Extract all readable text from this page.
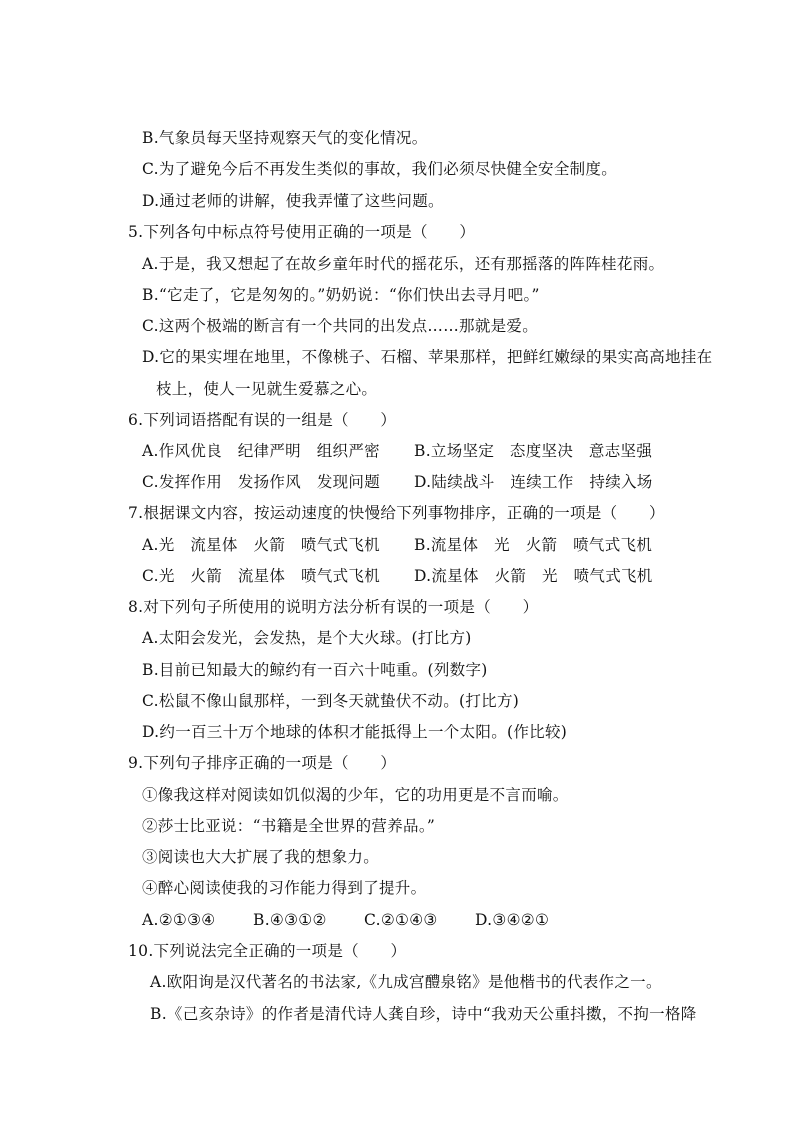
B.气象员每天坚持观察天气的变化情况。
C.为了避免今后不再发生类似的事故，我们必须尽快健全安全制度。
D.通过老师的讲解，使我弄懂了这些问题。
5.下列各句中标点符号使用正确的一项是（　　）
A.于是，我又想起了在故乡童年时代的摇花乐，还有那摇落的阵阵桂花雨。
B.“它走了，它是匆匆的。”奶奶说：“你们快出去寻月吧。”
C.这两个极端的断言有一个共同的出发点……那就是爱。
D.它的果实埋在地里，不像桃子、石榴、苹果那样，把鲜红嫩绿的果实高高地挂在
枝上，使人一见就生爱慕之心。
6.下列词语搭配有误的一组是（　　）
A.作风优良　纪律严明　组织严密 B.立场坚定　态度坚决　意志坚强
C.发挥作用　发扬作风　发现问题 D.陆续战斗　连续工作　持续入场
7.根据课文内容，按运动速度的快慢给下列事物排序，正确的一项是（　　）
A.光　流星体　火箭　喷气式飞机 B.流星体　光　火箭　喷气式飞机
C.光　火箭　流星体　喷气式飞机 D.流星体　火箭　光　喷气式飞机
8.对下列句子所使用的说明方法分析有误的一项是（　　）
A.太阳会发光，会发热，是个大火球。(打比方)
B.目前已知最大的鲸约有一百六十吨重。(列数字)
C.松鼠不像山鼠那样，一到冬天就蛰伏不动。(打比方)
D.约一百三十万个地球的体积才能抵得上一个太阳。(作比较)
9.下列句子排序正确的一项是（　　）
①像我这样对阅读如饥似渴的少年，它的功用更是不言而喻。
②莎士比亚说：“书籍是全世界的营养品。”
③阅读也大大扩展了我的想象力。
④醉心阅读使我的习作能力得到了提升。
A.②①③④ B.④③①② C.②①④③ D.③④②①
10.下列说法完全正确的一项是（　　）
A.欧阳询是汉代著名的书法家,《九成宫醴泉铭》是他楷书的代表作之一。
B.《己亥杂诗》的作者是清代诗人龚自珍，诗中“我劝天公重抖擞，不拘一格降
